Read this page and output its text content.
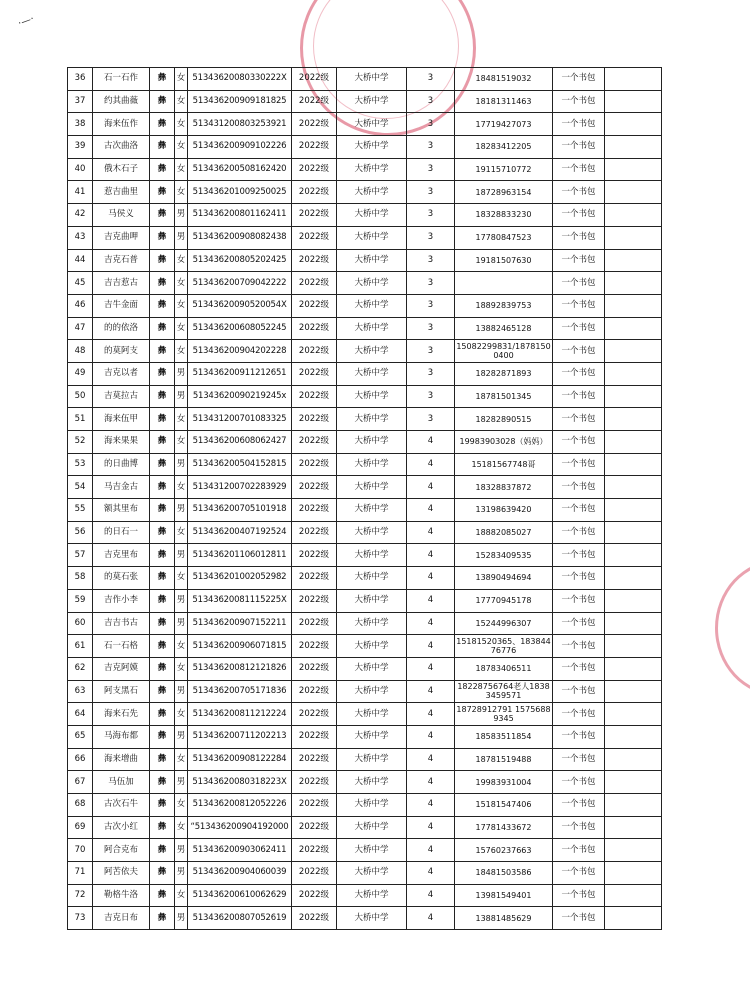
·—·
36	石一石作	彝	女	51343620080330222X	2022级	大桥中学	3	18481519032	一个书包	
37	约其曲薇	彝	女	513436200909181825	2022级	大桥中学	3	18181311463	一个书包	
38	海来伍作	彝	女	513431200803253921	2022级	大桥中学	3	17719427073	一个书包	
39	古次曲洛	彝	女	513436200909102226	2022级	大桥中学	3	18283412205	一个书包	
40	俄木石子	彝	女	513436200508162420	2022级	大桥中学	3	19115710772	一个书包	
41	惹吉曲里	彝	女	513436201009250025	2022级	大桥中学	3	18728963154	一个书包	
42	马侯义	彝	男	513436200801162411	2022级	大桥中学	3	18328833230	一个书包	
43	吉克曲呷	彝	男	513436200908082438	2022级	大桥中学	3	17780847523	一个书包	
44	吉克石普	彝	女	513436200805202425	2022级	大桥中学	3	19181507630	一个书包	
45	吉吉惹古	彝	女	513436200709042222	2022级	大桥中学	3		一个书包	
46	吉牛金面	彝	女	51343620090520054X	2022级	大桥中学	3	18892839753	一个书包	
47	的的依洛	彝	女	513436200608052245	2022级	大桥中学	3	13882465128	一个书包	
48	的莫阿支	彝	女	513436200904202228	2022级	大桥中学	3	15082299831/18781500400	一个书包	
49	吉克以者	彝	男	513436200911212651	2022级	大桥中学	3	18282871893	一个书包	
50	吉莫拉古	彝	男	51343620090219245x	2022级	大桥中学	3	18781501345	一个书包	
51	海来伍甲	彝	女	513431200701083325	2022级	大桥中学	3	18282890515	一个书包	
52	海来果果	彝	女	513436200608062427	2022级	大桥中学	4	19983903028（妈妈）	一个书包	
53	的日曲博	彝	男	513436200504152815	2022级	大桥中学	4	15181567748哥	一个书包	
54	马吉金古	彝	女	513431200702283929	2022级	大桥中学	4	18328837872	一个书包	
55	额其里布	彝	男	513436200705101918	2022级	大桥中学	4	13198639420	一个书包	
56	的日石一	彝	女	513436200407192524	2022级	大桥中学	4	18882085027	一个书包	
57	吉克里布	彝	男	513436201106012811	2022级	大桥中学	4	15283409535	一个书包	
58	的莫石张	彝	女	513436201002052982	2022级	大桥中学	4	13890494694	一个书包	
59	吉作小李	彝	男	51343620081115225X	2022级	大桥中学	4	17770945178	一个书包	
60	吉吉书古	彝	男	513436200907152211	2022级	大桥中学	4	15244996307	一个书包	
61	石一石格	彝	女	513436200906071815	2022级	大桥中学	4	15181520365、18384476776	一个书包	
62	吉克阿嫫	彝	女	513436200812121826	2022级	大桥中学	4	18783406511	一个书包	
63	阿支黑石	彝	男	513436200705171836	2022级	大桥中学	4	18228756764老人18383459571	一个书包	
64	海来石先	彝	女	513436200811212224	2022级	大桥中学	4	18728912791 15756889345	一个书包	
65	马海布都	彝	男	513436200711202213	2022级	大桥中学	4	18583511854	一个书包	
66	海来增曲	彝	女	513436200908122284	2022级	大桥中学	4	18781519488	一个书包	
67	马伍加	彝	男	51343620080318223X	2022级	大桥中学	4	19983931004	一个书包	
68	古次石牛	彝	女	513436200812052226	2022级	大桥中学	4	15181547406	一个书包	
69	古次小红	彝	女	“513436200904192000	2022级	大桥中学	4	17781433672	一个书包	
70	阿合克布	彝	男	513436200903062411	2022级	大桥中学	4	15760237663	一个书包	
71	阿苦依夫	彝	男	513436200904060039	2022级	大桥中学	4	18481503586	一个书包	
72	勒格牛洛	彝	女	513436200610062629	2022级	大桥中学	4	13981549401	一个书包	
73	吉克日布	彝	男	513436200807052619	2022级	大桥中学	4	13881485629	一个书包	
